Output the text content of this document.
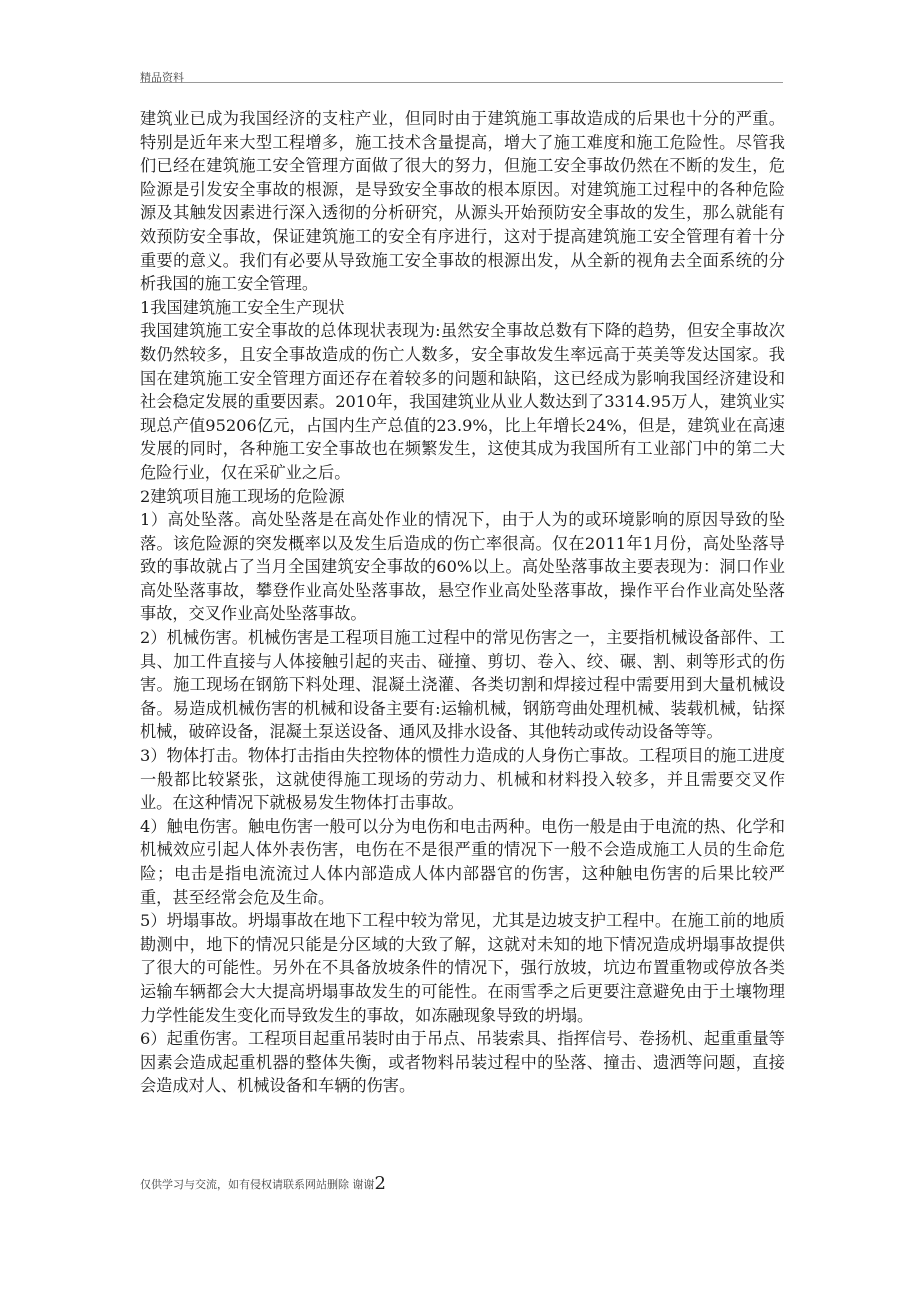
精品资料

建筑业已成为我国经济的支柱产业，但同时由于建筑施工事故造成的后果也十分的严重。特别是近年来大型工程增多，施工技术含量提高，增大了施工难度和施工危险性。尽管我们已经在建筑施工安全管理方面做了很大的努力，但施工安全事故仍然在不断的发生，危险源是引发安全事故的根源，是导致安全事故的根本原因。对建筑施工过程中的各种危险源及其触发因素进行深入透彻的分析研究，从源头开始预防安全事故的发生，那么就能有效预防安全事故，保证建筑施工的安全有序进行，这对于提高建筑施工安全管理有着十分重要的意义。我们有必要从导致施工安全事故的根源出发，从全新的视角去全面系统的分析我国的施工安全管理。

1我国建筑施工安全生产现状

我国建筑施工安全事故的总体现状表现为:虽然安全事故总数有下降的趋势，但安全事故次数仍然较多，且安全事故造成的伤亡人数多，安全事故发生率远高于英美等发达国家。我国在建筑施工安全管理方面还存在着较多的问题和缺陷，这已经成为影响我国经济建设和社会稳定发展的重要因素。2010年，我国建筑业从业人数达到了3314.95万人，建筑业实现总产值95206亿元，占国内生产总值的23.9%，比上年增长24%，但是，建筑业在高速发展的同时，各种施工安全事故也在频繁发生，这使其成为我国所有工业部门中的第二大危险行业，仅在采矿业之后。

2建筑项目施工现场的危险源

1）高处坠落。高处坠落是在高处作业的情况下，由于人为的或环境影响的原因导致的坠落。该危险源的突发概率以及发生后造成的伤亡率很高。仅在2011年1月份，高处坠落导致的事故就占了当月全国建筑安全事故的60%以上。高处坠落事故主要表现为：洞口作业高处坠落事故，攀登作业高处坠落事故，悬空作业高处坠落事故，操作平台作业高处坠落事故，交叉作业高处坠落事故。

2）机械伤害。机械伤害是工程项目施工过程中的常见伤害之一，主要指机械设备部件、工具、加工件直接与人体接触引起的夹击、碰撞、剪切、卷入、绞、碾、割、刺等形式的伤害。施工现场在钢筋下料处理、混凝土浇灌、各类切割和焊接过程中需要用到大量机械设备。易造成机械伤害的机械和设备主要有:运输机械，钢筋弯曲处理机械、装载机械，钻探机械，破碎设备，混凝土泵送设备、通风及排水设备、其他转动或传动设备等等。

3）物体打击。物体打击指由失控物体的惯性力造成的人身伤亡事故。工程项目的施工进度一般都比较紧张，这就使得施工现场的劳动力、机械和材料投入较多，并且需要交叉作业。在这种情况下就极易发生物体打击事故。

4）触电伤害。触电伤害一般可以分为电伤和电击两种。电伤一般是由于电流的热、化学和机械效应引起人体外表伤害，电伤在不是很严重的情况下一般不会造成施工人员的生命危险；电击是指电流流过人体内部造成人体内部器官的伤害，这种触电伤害的后果比较严重，甚至经常会危及生命。

5）坍塌事故。坍塌事故在地下工程中较为常见，尤其是边坡支护工程中。在施工前的地质勘测中，地下的情况只能是分区域的大致了解，这就对未知的地下情况造成坍塌事故提供了很大的可能性。另外在不具备放坡条件的情况下，强行放坡，坑边布置重物或停放各类运输车辆都会大大提高坍塌事故发生的可能性。在雨雪季之后更要注意避免由于土壤物理力学性能发生变化而导致发生的事故，如冻融现象导致的坍塌。

6）起重伤害。工程项目起重吊装时由于吊点、吊装索具、指挥信号、卷扬机、起重重量等因素会造成起重机器的整体失衡，或者物料吊装过程中的坠落、撞击、遗洒等问题，直接会造成对人、机械设备和车辆的伤害。

仅供学习与交流，如有侵权请联系网站删除 谢谢2
